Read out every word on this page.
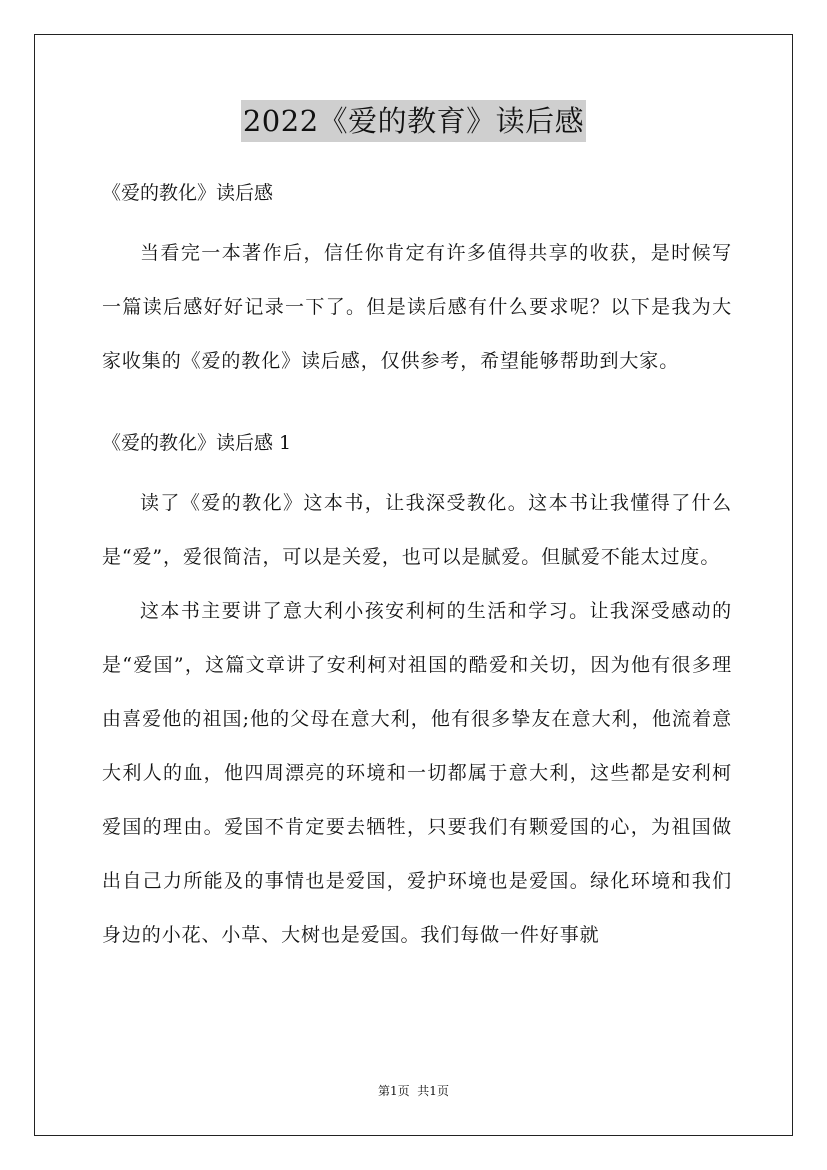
2022《爱的教育》读后感

《爱的教化》读后感

当看完一本著作后，信任你肯定有许多值得共享的收获，是时候写一篇读后感好好记录一下了。但是读后感有什么要求呢？以下是我为大家收集的《爱的教化》读后感，仅供参考，希望能够帮助到大家。

《爱的教化》读后感 1

读了《爱的教化》这本书，让我深受教化。这本书让我懂得了什么是“爱”，爱很简洁，可以是关爱，也可以是腻爱。但腻爱不能太过度。

这本书主要讲了意大利小孩安利柯的生活和学习。让我深受感动的是“爱国”，这篇文章讲了安利柯对祖国的酷爱和关切，因为他有很多理由喜爱他的祖国;他的父母在意大利，他有很多挚友在意大利，他流着意大利人的血，他四周漂亮的环境和一切都属于意大利，这些都是安利柯爱国的理由。爱国不肯定要去牺牲，只要我们有颗爱国的心，为祖国做出自己力所能及的事情也是爱国，爱护环境也是爱国。绿化环境和我们身边的小花、小草、大树也是爱国。我们每做一件好事就

第1页  共1页
